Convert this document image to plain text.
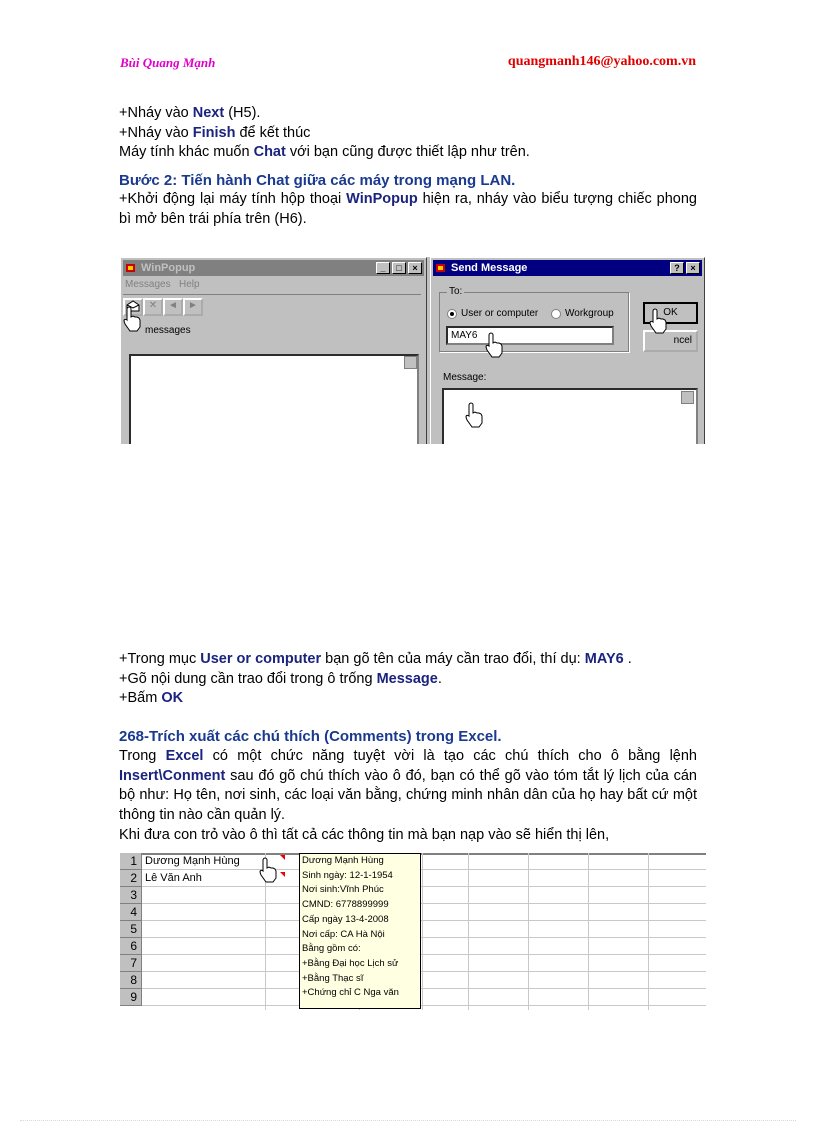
Bùi Quang Mạnh	quangmanh146@yahoo.com.vn
+Nháy vào Next (H5).
+Nháy vào Finish để kết thúc
Máy tính khác muốn Chat với bạn cũng được thiết lập như trên.
Bước 2: Tiến hành Chat giữa các máy trong mạng LAN.
+Khởi động lại máy tính hộp thoại WinPopup hiện ra, nháy vào biểu tượng chiếc phong bì mở bên trái phía trên (H6).
WinPopup	_	□	×
Messages Help
✕	◄	►
messages
Send Message	?	×
To:
User or computer	Workgroup
MAY6
OK
ncel
Message:
+Trong mục User or computer bạn gõ tên của máy cần trao đổi, thí dụ: MAY6 .
+Gõ nội dung cần trao đổi trong ô trống Message.
+Bấm OK
268-Trích xuất các chú thích (Comments) trong Excel.
Trong Excel có một chức năng tuyệt vời là tạo các chú thích cho ô bằng lệnh Insert\Conment sau đó gõ chú thích vào ô đó, bạn có thể gõ vào tóm tắt lý lịch của cán bộ như: Họ tên, nơi sinh, các loại văn bằng, chứng minh nhân dân của họ hay bất cứ một thông tin nào cần quản lý.
Khi đưa con trỏ vào ô thì tất cả các thông tin mà bạn nạp vào sẽ hiển thị lên,
1 Dương Mạnh Hùng
2 Lê Văn Anh
3
4
5
6
7
8
9
Dương Mạnh Hùng
Sinh ngày: 12-1-1954
Nơi sinh:Vĩnh Phúc
CMND: 6778899999
Cấp ngày 13-4-2008
Nơi cấp: CA Hà Nội
Bằng gồm có:
+Bằng Đại học Lịch sử
+Bằng Thạc sĩ
+Chứng chỉ C Nga văn
